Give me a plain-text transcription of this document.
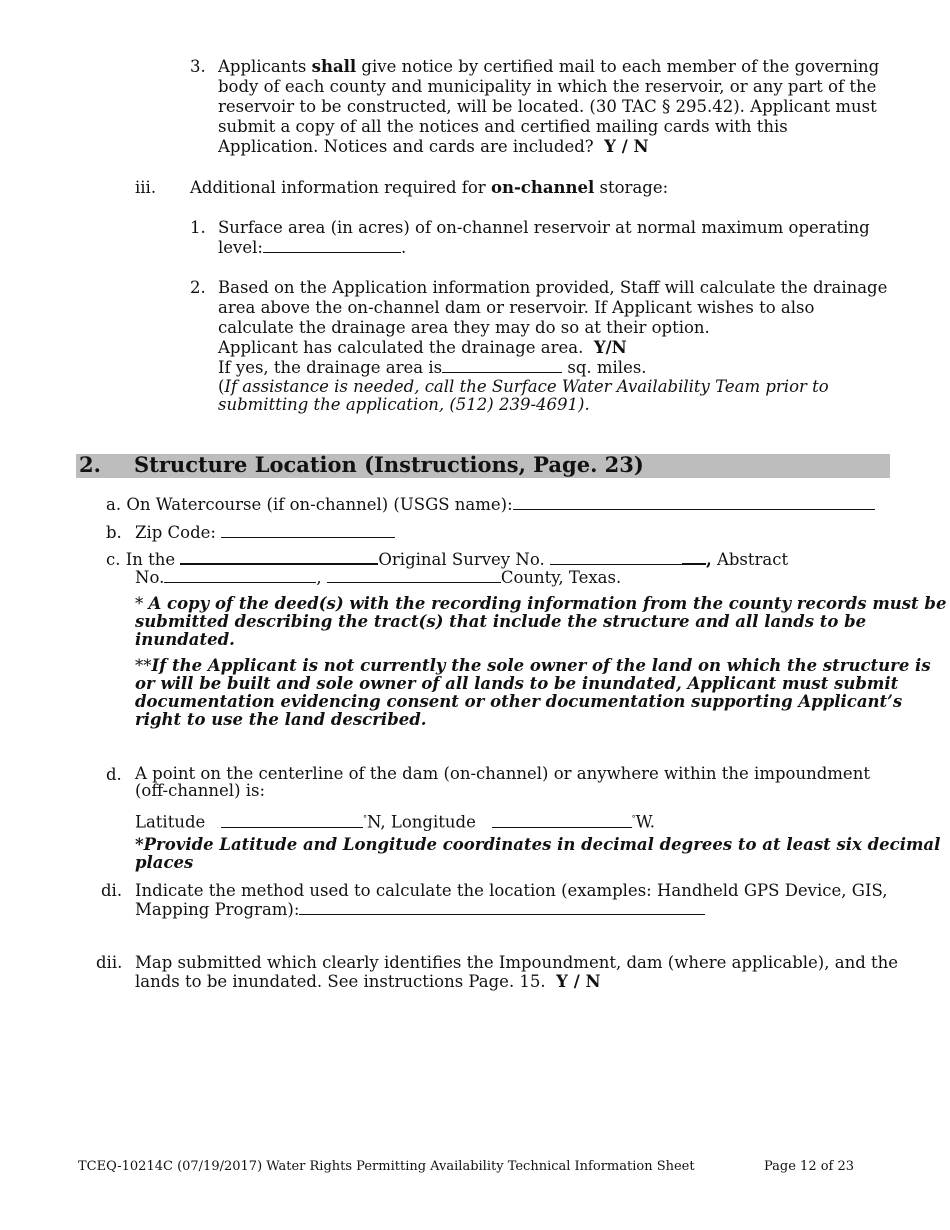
3. Applicants shall give notice by certified mail to each member of the governing
body of each county and municipality in which the reservoir, or any part of the
reservoir to be constructed, will be located. (30 TAC § 295.42). Applicant must
submit a copy of all the notices and certified mailing cards with this
Application. Notices and cards are included? Y / N
iii. Additional information required for on-channel storage:
1. Surface area (in acres) of on-channel reservoir at normal maximum operating
level:	.
2. Based on the Application information provided, Staff will calculate the drainage
area above the on-channel dam or reservoir. If Applicant wishes to also
calculate the drainage area they may do so at their option.
Applicant has calculated the drainage area. Y/N
If yes, the drainage area is	sq. miles.
(If assistance is needed, call the Surface Water Availability Team prior to
submitting the application, (512) 239-4691).
2. Structure Location (Instructions, Page. 23)
a. On Watercourse (if on-channel) (USGS name):
b. Zip Code:
c. In the	Original Survey No.	, Abstract
No.	,	County, Texas.
* A copy of the deed(s) with the recording information from the county records must be
submitted describing the tract(s) that include the structure and all lands to be
inundated.
**If the Applicant is not currently the sole owner of the land on which the structure is
or will be built and sole owner of all lands to be inundated, Applicant must submit
documentation evidencing consent or other documentation supporting Applicant’s
right to use the land described.
d. A point on the centerline of the dam (on-channel) or anywhere within the impoundment
(off-channel) is:
Latitude	°N, Longitude	°W.
*Provide Latitude and Longitude coordinates in decimal degrees to at least six decimal
places
di. Indicate the method used to calculate the location (examples: Handheld GPS Device, GIS,
Mapping Program):
dii. Map submitted which clearly identifies the Impoundment, dam (where applicable), and the
lands to be inundated. See instructions Page. 15. Y / N
TCEQ-10214C (07/19/2017) Water Rights Permitting Availability Technical Information Sheet	Page 12 of 23
